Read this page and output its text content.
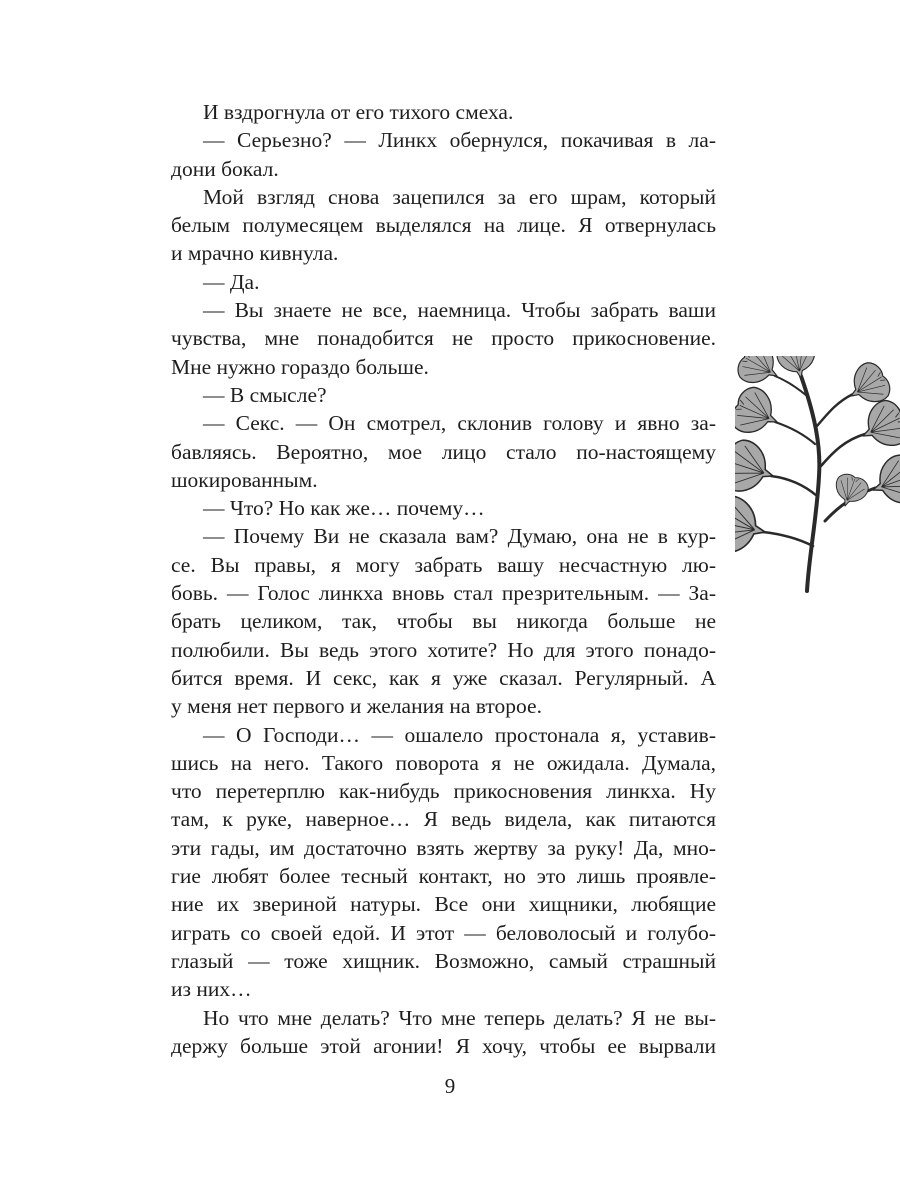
И вздрогнула от его тихого смеха.
— Серьезно? — Линкх обернулся, покачивая в ла-
дони бокал.
Мой взгляд снова зацепился за его шрам, который
белым полумесяцем выделялся на лице. Я отвернулась
и мрачно кивнула.
— Да.
— Вы знаете не все, наемница. Чтобы забрать ваши
чувства, мне понадобится не просто прикосновение.
Мне нужно гораздо больше.
— В смысле?
— Секс. — Он смотрел, склонив голову и явно за-
бавляясь. Вероятно, мое лицо стало по-настоящему
шокированным.
— Что? Но как же… почему…
— Почему Ви не сказала вам? Думаю, она не в кур-
се. Вы правы, я могу забрать вашу несчастную лю-
бовь. — Голос линкха вновь стал презрительным. — За-
брать целиком, так, чтобы вы никогда больше не
полюбили. Вы ведь этого хотите? Но для этого понадо-
бится время. И секс, как я уже сказал. Регулярный. А
у меня нет первого и желания на второе.
— О Господи… — ошалело простонала я, уставив-
шись на него. Такого поворота я не ожидала. Думала,
что перетерплю как-нибудь прикосновения линкха. Ну
там, к руке, наверное… Я ведь видела, как питаются
эти гады, им достаточно взять жертву за руку! Да, мно-
гие любят более тесный контакт, но это лишь проявле-
ние их звериной натуры. Все они хищники, любящие
играть со своей едой. И этот — беловолосый и голубо-
глазый — тоже хищник. Возможно, самый страшный
из них…
Но что мне делать? Что мне теперь делать? Я не вы-
держу больше этой агонии! Я хочу, чтобы ее вырвали
9
